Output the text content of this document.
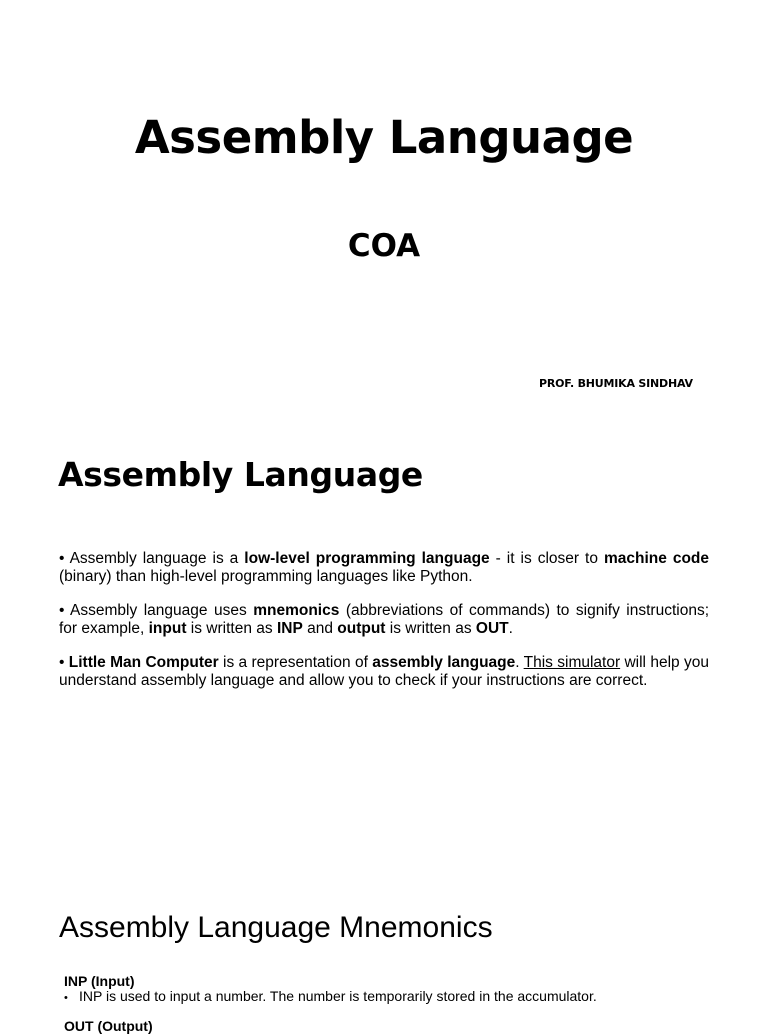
Assembly Language
COA
PROF. BHUMIKA SINDHAV
Assembly Language
• Assembly language is a low-level programming language - it is closer to machine code (binary) than high-level programming languages like Python.
• Assembly language uses mnemonics (abbreviations of commands) to signify instructions; for example, input is written as INP and output is written as OUT.
• Little Man Computer is a representation of assembly language. This simulator will help you understand assembly language and allow you to check if your instructions are correct.
Assembly Language Mnemonics
INP (Input)
• INP is used to input a number. The number is temporarily stored in the accumulator.
OUT (Output)
